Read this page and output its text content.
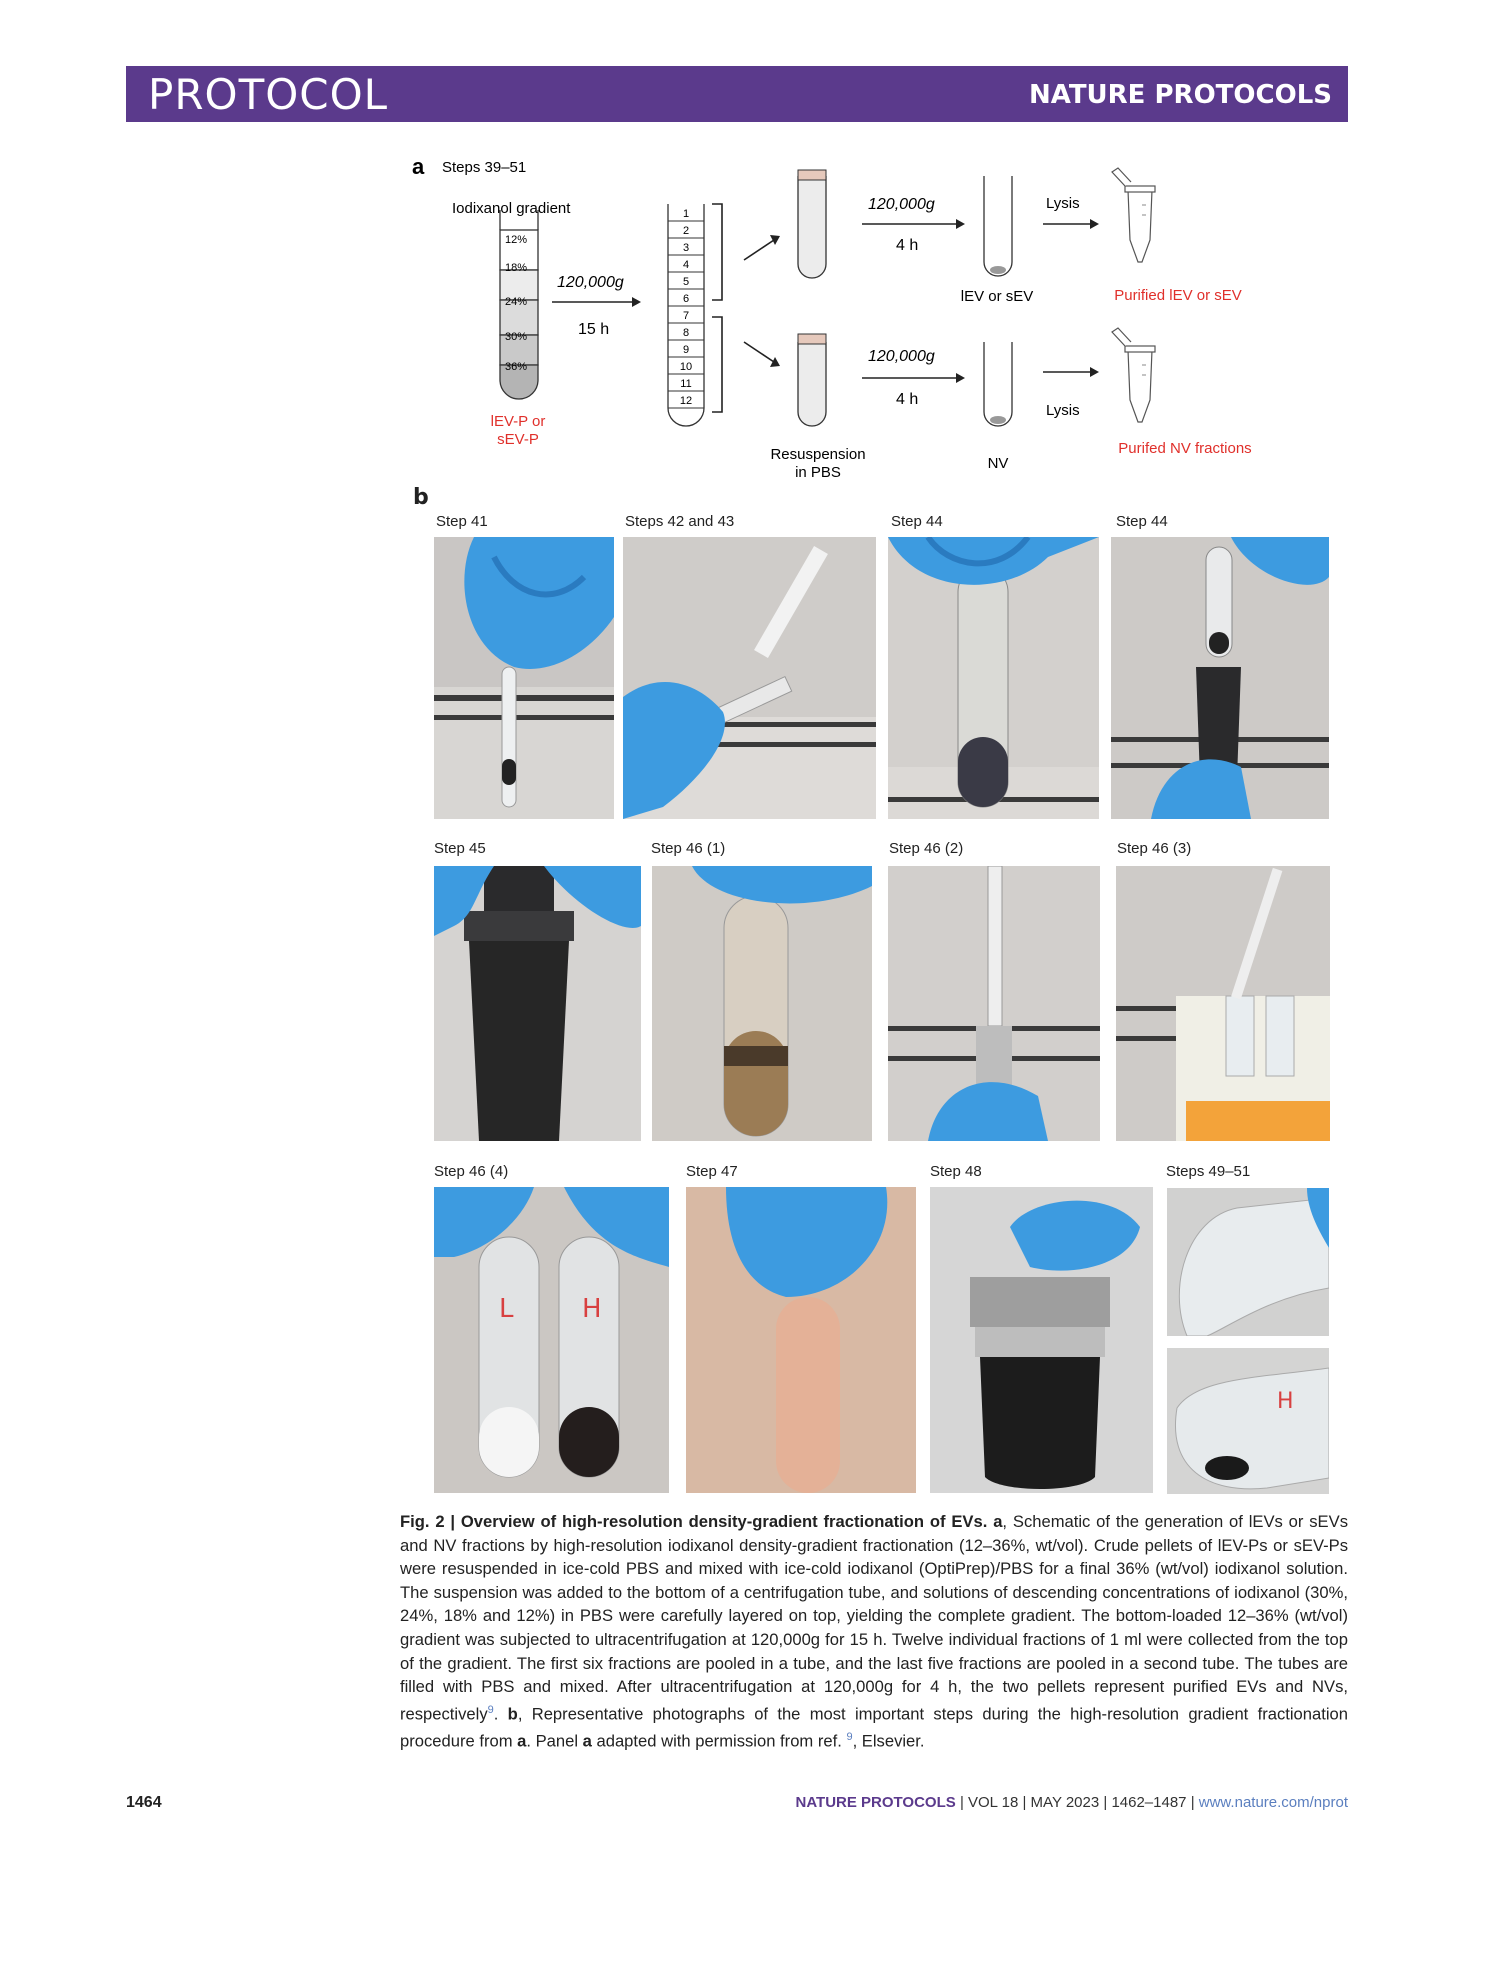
PROTOCOL	NATURE PROTOCOLS
a Steps 39–51
Iodixanol gradient
12%
18%
24%
30%
36%
lEV-P or
sEV-P
120,000g
15 h
1
2
3
4
5
6
7
8
9
10
11
12
Resuspension
in PBS
120,000g
4 h
lEV or sEV
Lysis
Purified lEV or sEV
120,000g
4 h
NV
Lysis
Purifed NV fractions
b
Step 41	Steps 42 and 43	Step 44	Step 44
Step 45	Step 46 (1)	Step 46 (2)	Step 46 (3)
Step 46 (4)	Step 47	Step 48	Steps 49–51
L	H
H
Fig. 2 | Overview of high-resolution density-gradient fractionation of EVs. a, Schematic of the generation of lEVs or sEVs and NV fractions by high-resolution iodixanol density-gradient fractionation (12–36%, wt/vol). Crude pellets of lEV-Ps or sEV-Ps were resuspended in ice-cold PBS and mixed with ice-cold iodixanol (OptiPrep)/PBS for a final 36% (wt/vol) iodixanol solution. The suspension was added to the bottom of a centrifugation tube, and solutions of descending concentrations of iodixanol (30%, 24%, 18% and 12%) in PBS were carefully layered on top, yielding the complete gradient. The bottom-loaded 12–36% (wt/vol) gradient was subjected to ultracentrifugation at 120,000g for 15 h. Twelve individual fractions of 1 ml were collected from the top of the gradient. The first six fractions are pooled in a tube, and the last five fractions are pooled in a second tube. The tubes are filled with PBS and mixed. After ultracentrifugation at 120,000g for 4 h, the two pellets represent purified EVs and NVs, respectively$^9$. b, Representative photographs of the most important steps during the high-resolution gradient fractionation procedure from a. Panel a adapted with permission from ref. $^9$, Elsevier.
1464	NATURE PROTOCOLS | VOL 18 | MAY 2023 | 1462–1487 | www.nature.com/nprot
